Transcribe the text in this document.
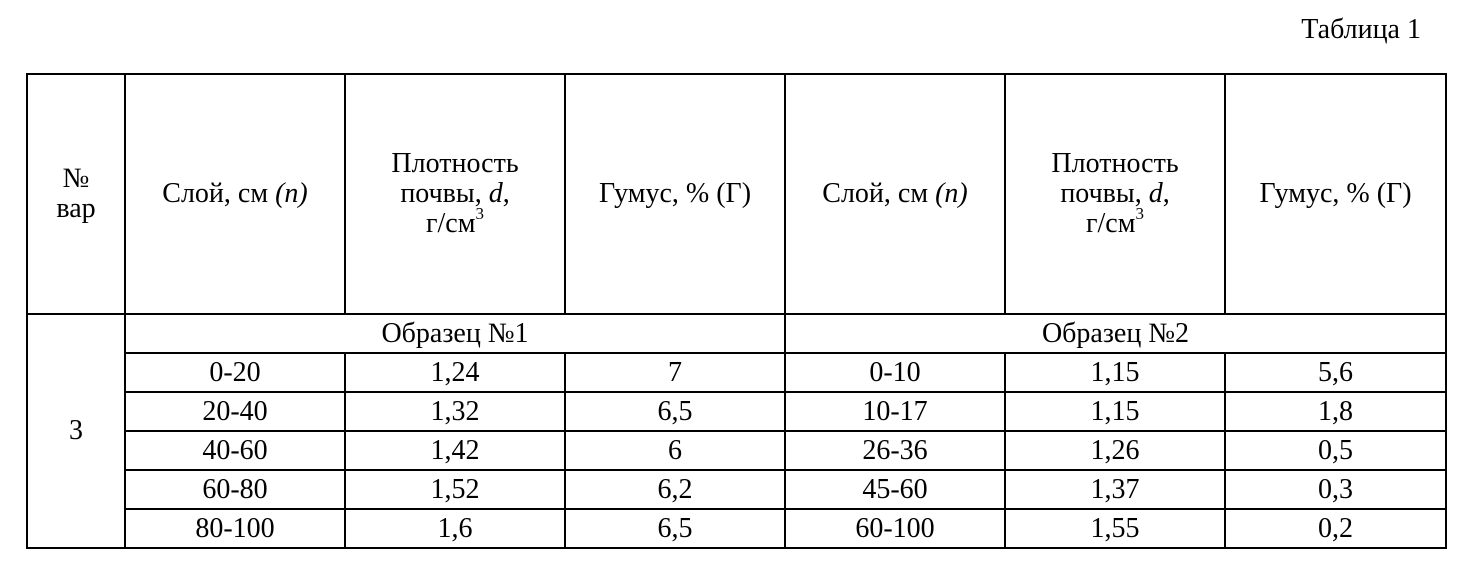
Таблица 1
№
вар	Слой, см (n)	Плотность
почвы, d,
$г/см^3$	Гумус, % (Г)	Слой, см (n)	Плотность
почвы, d,
$г/см^3$	Гумус, % (Г)
3	Образец №1			Образец №2		
	0-20	1,24	7	0-10	1,15	5,6
	20-40	1,32	6,5	10-17	1,15	1,8
	40-60	1,42	6	26-36	1,26	0,5
	60-80	1,52	6,2	45-60	1,37	0,3
	80-100	1,6	6,5	60-100	1,55	0,2
